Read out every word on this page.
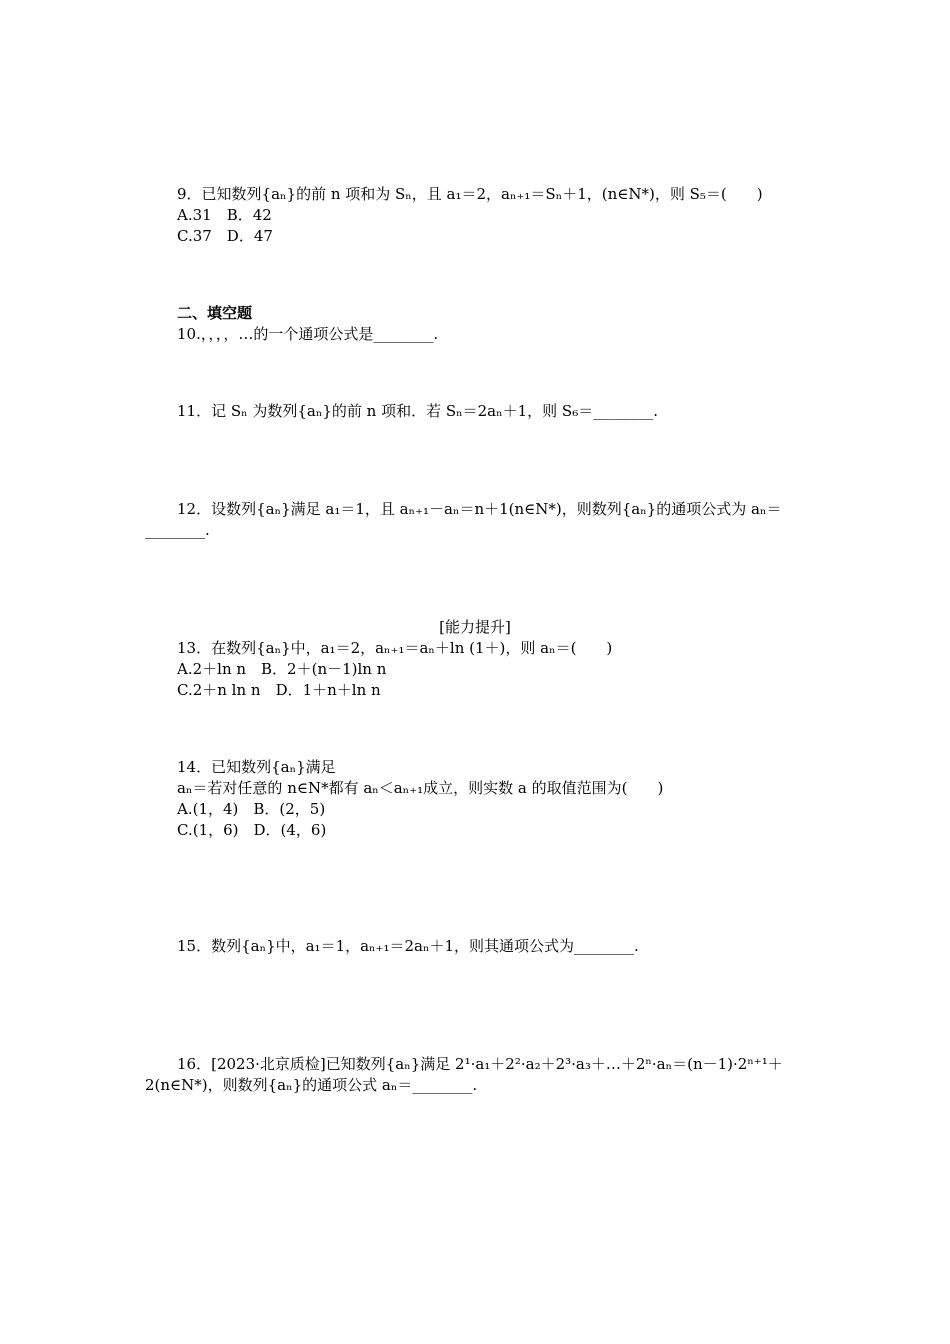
9．已知数列{aₙ}的前 n 项和为 Sₙ，且 a₁＝2，aₙ₊₁＝Sₙ＋1，(n∈N*)，则 S₅＝(　　)
A.31　B．42
C.37　D．47
二、填空题
10.，，，，…的一个通项公式是________.
11．记 Sₙ 为数列{aₙ}的前 n 项和．若 Sₙ＝2aₙ＋1，则 S₆＝________.
12．设数列{aₙ}满足 a₁＝1，且 aₙ₊₁－aₙ＝n＋1(n∈N*)，则数列{aₙ}的通项公式为 aₙ＝
________.
[能力提升]
13．在数列{aₙ}中，a₁＝2，aₙ₊₁＝aₙ＋ln (1＋)，则 aₙ＝(　　)
A.2＋ln n　B．2＋(n－1)ln n
C.2＋n ln n　D．1＋n＋ln n
14．已知数列{aₙ}满足
aₙ＝若对任意的 n∈N*都有 aₙ＜aₙ₊₁成立，则实数 a 的取值范围为(　　)
A.(1，4)　B．(2，5)
C.(1，6)　D．(4，6)
15．数列{aₙ}中，a₁＝1，aₙ₊₁＝2aₙ＋1，则其通项公式为________.
16．[2023·北京质检]已知数列{aₙ}满足 2¹·a₁＋2²·a₂＋2³·a₃＋…＋2ⁿ·aₙ＝(n－1)·2ⁿ⁺¹＋
2(n∈N*)，则数列{aₙ}的通项公式 aₙ＝________.
